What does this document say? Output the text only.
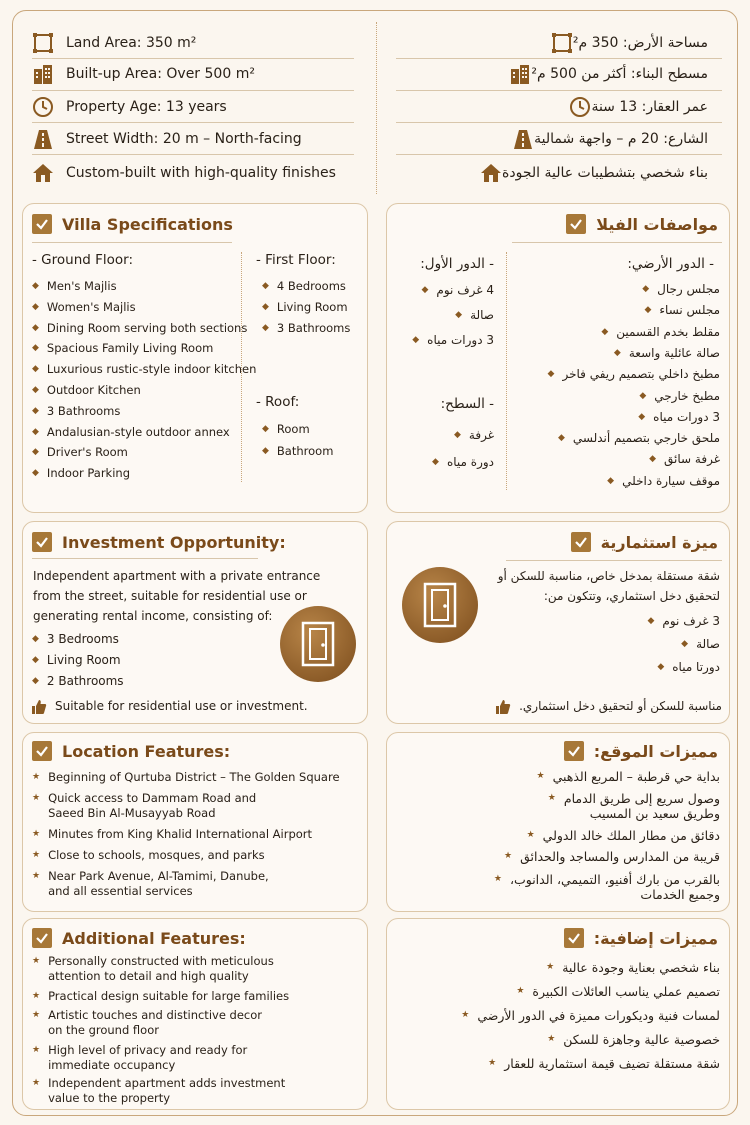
Land Area: 350 m²
Built-up Area: Over 500 m²
Property Age: 13 years
Street Width: 20 m – North-facing
Custom-built with high-quality finishes
مساحة الأرض: 350 م²
مسطح البناء: أكثر من 500 م²
عمر العقار: 13 سنة
الشارع: 20 م – واجهة شمالية
بناء شخصي بتشطيبات عالية الجودة
Villa Specifications
- Ground Floor:
◆ Men's Majlis
◆ Women's Majlis
◆ Dining Room serving both sections
◆ Spacious Family Living Room
◆ Luxurious rustic-style indoor kitchen
◆ Outdoor Kitchen
◆ 3 Bathrooms
◆ Andalusian-style outdoor annex
◆ Driver's Room
◆ Indoor Parking
- First Floor:
◆ 4 Bedrooms
◆ Living Room
◆ 3 Bathrooms
- Roof:
◆ Room
◆ Bathroom
مواصفات الفيلا
- الدور الأرضي:
◆ مجلس رجال
◆ مجلس نساء
◆ مقلط بخدم القسمين
◆ صالة عائلية واسعة
◆ مطبخ داخلي بتصميم ريفي فاخر
◆ مطبخ خارجي
◆ 3 دورات مياه
◆ ملحق خارجي بتصميم أندلسي
◆ غرفة سائق
◆ موقف سيارة داخلي
- الدور الأول:
◆ 4 غرف نوم
◆ صالة
◆ 3 دورات مياه
- السطح:
◆ غرفة
◆ دورة مياه
Investment Opportunity:
Independent apartment with a private entrance
from the street, suitable for residential use or
generating rental income, consisting of:
◆ 3 Bedrooms
◆ Living Room
◆ 2 Bathrooms
Suitable for residential use or investment.
ميزة استثمارية
شقة مستقلة بمدخل خاص، مناسبة للسكن أو
لتحقيق دخل استثماري، وتتكون من:
◆ 3 غرف نوم
◆ صالة
◆ دورتا مياه
مناسبة للسكن أو لتحقيق دخل استثماري.
Location Features:
★ Beginning of Qurtuba District – The Golden Square
★ Quick access to Dammam Road and
Saeed Bin Al-Musayyab Road
★ Minutes from King Khalid International Airport
★ Close to schools, mosques, and parks
★ Near Park Avenue, Al-Tamimi, Danube,
and all essential services
مميزات الموقع:
★ بداية حي قرطبة – المربع الذهبي
★ وصول سريع إلى طريق الدمام
وطريق سعيد بن المسيب
★ دقائق من مطار الملك خالد الدولي
★ قريبة من المدارس والمساجد والحدائق
★ بالقرب من بارك أفنيو، التميمي، الدانوب،
وجميع الخدمات
Additional Features:
★ Personally constructed with meticulous
attention to detail and high quality
★ Practical design suitable for large families
★ Artistic touches and distinctive decor
on the ground floor
★ High level of privacy and ready for
immediate occupancy
★ Independent apartment adds investment
value to the property
مميزات إضافية:
★ بناء شخصي بعناية وجودة عالية
★ تصميم عملي يناسب العائلات الكبيرة
★ لمسات فنية وديكورات مميزة في الدور الأرضي
★ خصوصية عالية وجاهزة للسكن
★ شقة مستقلة تضيف قيمة استثمارية للعقار
